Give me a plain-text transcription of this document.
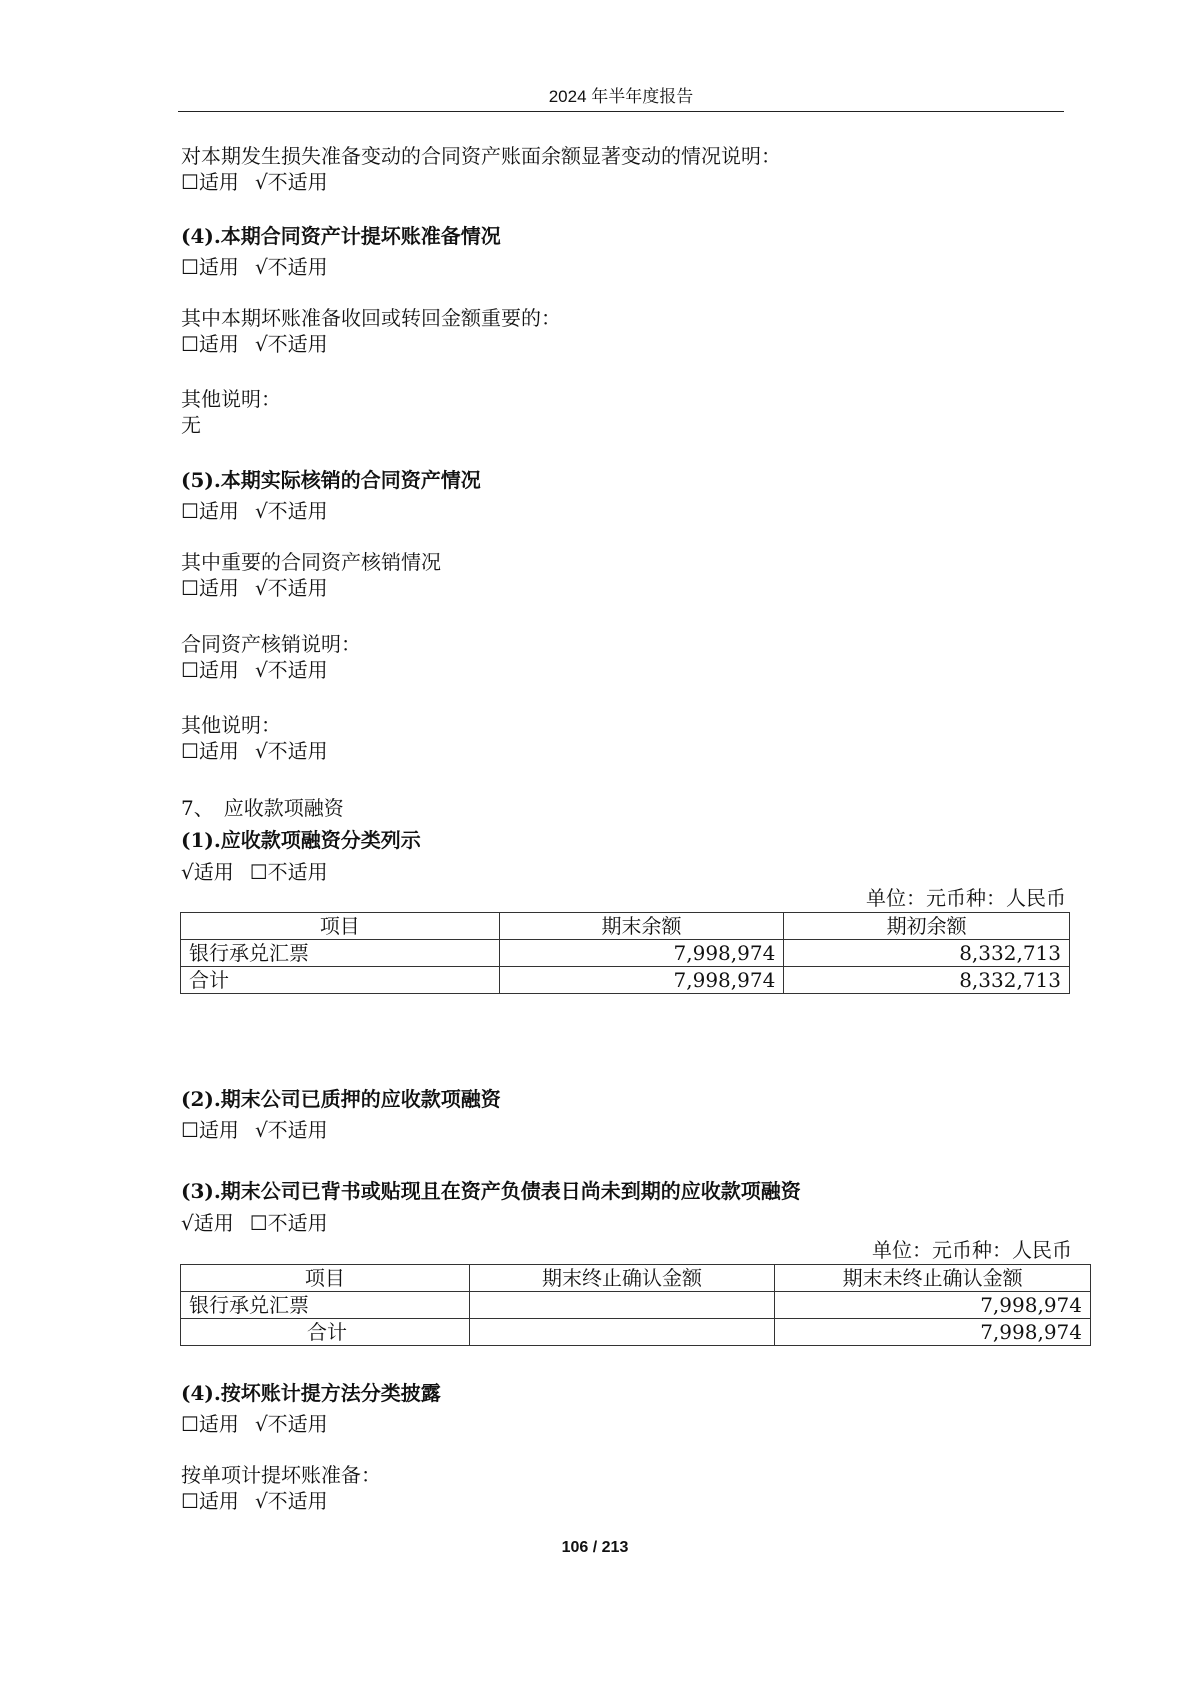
2024 年半年度报告
对本期发生损失准备变动的合同资产账面余额显著变动的情况说明：
☐适用 √不适用
(4).本期合同资产计提坏账准备情况
☐适用 √不适用
其中本期坏账准备收回或转回金额重要的：
☐适用 √不适用
其他说明：
无
(5).本期实际核销的合同资产情况
☐适用 √不适用
其中重要的合同资产核销情况
☐适用 √不适用
合同资产核销说明：
☐适用 √不适用
其他说明：
☐适用 √不适用
7、　应收款项融资
(1).应收款项融资分类列示
√适用 ☐不适用
单位：元币种：人民币
项目	期末余额	期初余额
银行承兑汇票	7,998,974	8,332,713
合计	7,998,974	8,332,713
(2).期末公司已质押的应收款项融资
☐适用 √不适用
(3).期末公司已背书或贴现且在资产负债表日尚未到期的应收款项融资
√适用 ☐不适用
单位：元币种：人民币
项目	期末终止确认金额	期末未终止确认金额
银行承兑汇票		7,998,974
合计		7,998,974
(4).按坏账计提方法分类披露
☐适用 √不适用
按单项计提坏账准备：
☐适用 √不适用
106 / 213
